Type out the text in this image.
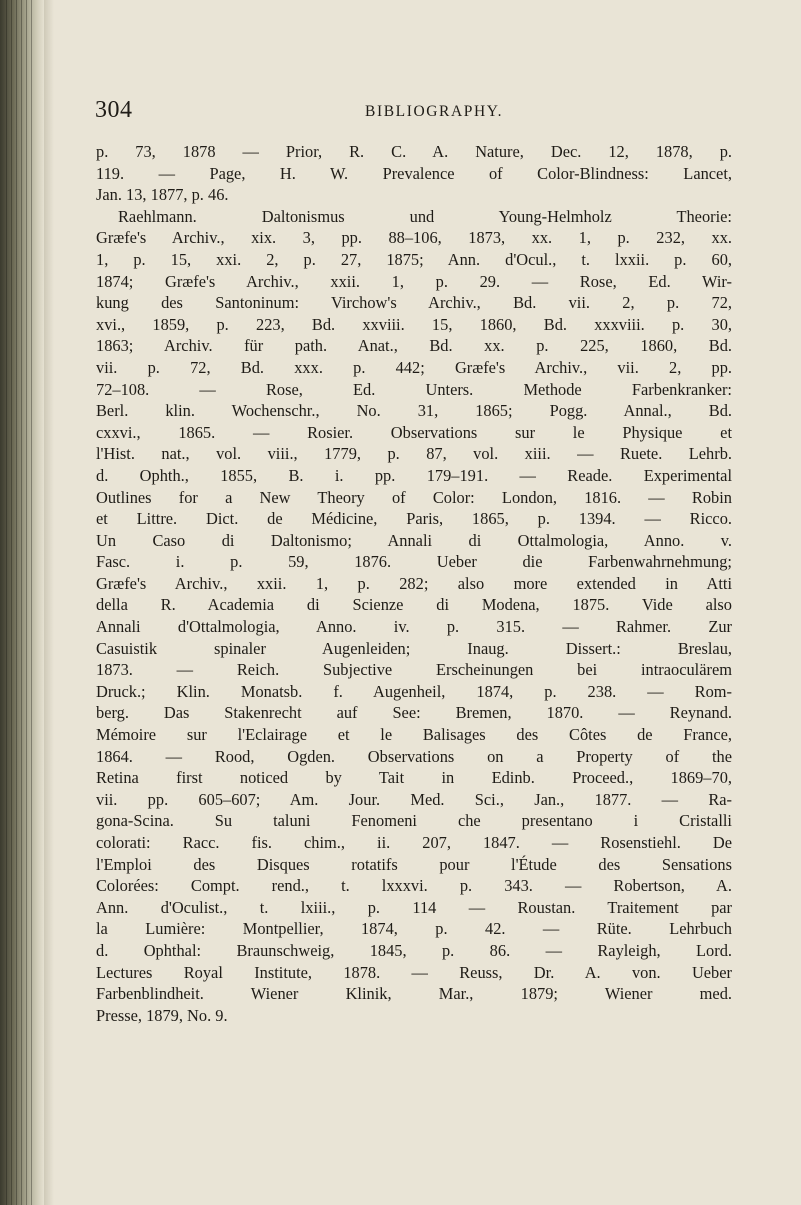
304	BIBLIOGRAPHY.
p. 73, 1878 — Prior, R. C. A. Nature, Dec. 12, 1878, p.
119. — Page, H. W. Prevalence of Color-Blindness: Lancet,
Jan. 13, 1877, p. 46.
Raehlmann. Daltonismus und Young-Helmholz Theorie:
Græfe's Archiv., xix. 3, pp. 88–106, 1873, xx. 1, p. 232, xx.
1, p. 15, xxi. 2, p. 27, 1875; Ann. d'Ocul., t. lxxii. p. 60,
1874; Græfe's Archiv., xxii. 1, p. 29. — Rose, Ed. Wir-
kung des Santoninum: Virchow's Archiv., Bd. vii. 2, p. 72,
xvi., 1859, p. 223, Bd. xxviii. 15, 1860, Bd. xxxviii. p. 30,
1863; Archiv. für path. Anat., Bd. xx. p. 225, 1860, Bd.
vii. p. 72, Bd. xxx. p. 442; Græfe's Archiv., vii. 2, pp.
72–108. — Rose, Ed. Unters. Methode Farbenkranker:
Berl. klin. Wochenschr., No. 31, 1865; Pogg. Annal., Bd.
cxxvi., 1865. — Rosier. Observations sur le Physique et
l'Hist. nat., vol. viii., 1779, p. 87, vol. xiii. — Ruete. Lehrb.
d. Ophth., 1855, B. i. pp. 179–191. — Reade. Experimental
Outlines for a New Theory of Color: London, 1816. — Robin
et Littre. Dict. de Médicine, Paris, 1865, p. 1394. — Ricco.
Un Caso di Daltonismo; Annali di Ottalmologia, Anno. v.
Fasc. i. p. 59, 1876. Ueber die Farbenwahrnehmung;
Græfe's Archiv., xxii. 1, p. 282; also more extended in Atti
della R. Academia di Scienze di Modena, 1875. Vide also
Annali d'Ottalmologia, Anno. iv. p. 315. — Rahmer. Zur
Casuistik spinaler Augenleiden; Inaug. Dissert.: Breslau,
1873. — Reich. Subjective Erscheinungen bei intraoculärem
Druck.; Klin. Monatsb. f. Augenheil, 1874, p. 238. — Rom-
berg. Das Stakenrecht auf See: Bremen, 1870. — Reynand.
Mémoire sur l'Eclairage et le Balisages des Côtes de France,
1864. — Rood, Ogden. Observations on a Property of the
Retina first noticed by Tait in Edinb. Proceed., 1869–70,
vii. pp. 605–607; Am. Jour. Med. Sci., Jan., 1877. — Ra-
gona-Scina. Su taluni Fenomeni che presentano i Cristalli
colorati: Racc. fis. chim., ii. 207, 1847. — Rosenstiehl. De
l'Emploi des Disques rotatifs pour l'Étude des Sensations
Colorées: Compt. rend., t. lxxxvi. p. 343. — Robertson, A.
Ann. d'Oculist., t. lxiii., p. 114 — Roustan. Traitement par
la Lumière: Montpellier, 1874, p. 42. — Rüte. Lehrbuch
d. Ophthal: Braunschweig, 1845, p. 86. — Rayleigh, Lord.
Lectures Royal Institute, 1878. — Reuss, Dr. A. von. Ueber
Farbenblindheit. Wiener Klinik, Mar., 1879; Wiener med.
Presse, 1879, No. 9.
